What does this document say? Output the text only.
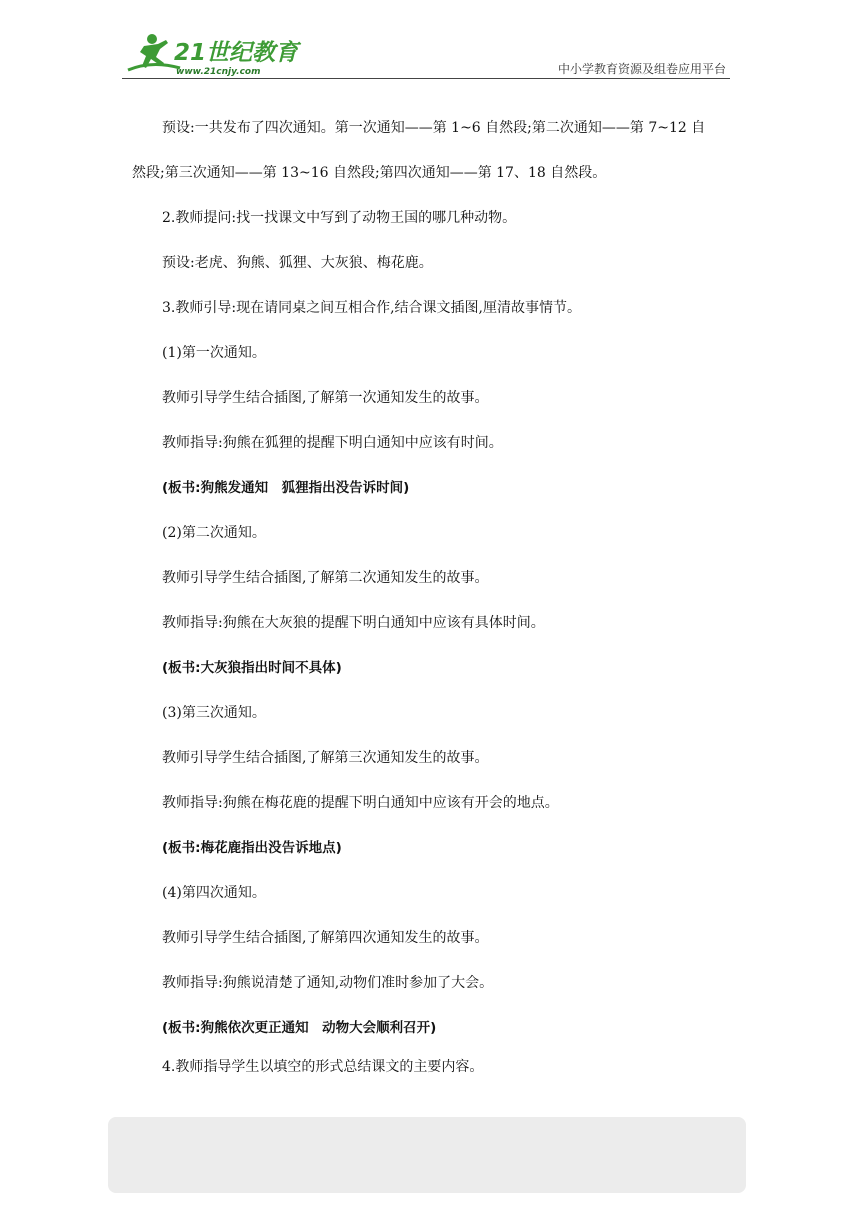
21世纪教育
www.21cnjy.com	中小学教育资源及组卷应用平台
预设:一共发布了四次通知。第一次通知——第 1~6 自然段;第二次通知——第 7~12 自
然段;第三次通知——第 13~16 自然段;第四次通知——第 17、18 自然段。
2.教师提问:找一找课文中写到了动物王国的哪几种动物。
预设:老虎、狗熊、狐狸、大灰狼、梅花鹿。
3.教师引导:现在请同桌之间互相合作,结合课文插图,厘清故事情节。
(1)第一次通知。
教师引导学生结合插图,了解第一次通知发生的故事。
教师指导:狗熊在狐狸的提醒下明白通知中应该有时间。
(板书:狗熊发通知　狐狸指出没告诉时间)
(2)第二次通知。
教师引导学生结合插图,了解第二次通知发生的故事。
教师指导:狗熊在大灰狼的提醒下明白通知中应该有具体时间。
(板书:大灰狼指出时间不具体)
(3)第三次通知。
教师引导学生结合插图,了解第三次通知发生的故事。
教师指导:狗熊在梅花鹿的提醒下明白通知中应该有开会的地点。
(板书:梅花鹿指出没告诉地点)
(4)第四次通知。
教师引导学生结合插图,了解第四次通知发生的故事。
教师指导:狗熊说清楚了通知,动物们准时参加了大会。
(板书:狗熊依次更正通知　动物大会顺利召开)
4.教师指导学生以填空的形式总结课文的主要内容。
